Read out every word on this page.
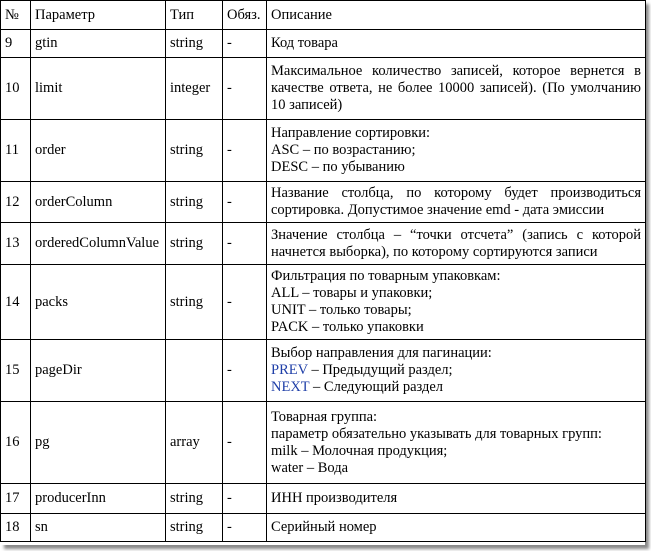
№	Параметр	Тип	Обяз.	Описание
9	gtin	string	-	Код товара
10	limit	integer	-	Максимальное количество записей, которое вернется в качестве ответа, не более 10000 записей). (По умолчанию 10 записей)
11	order	string	-	Направление сортировки:
ASC – по возрастанию;
DESC – по убыванию
12	orderColumn	string	-	Название столбца, по которому будет производиться сортировка. Допустимое значение emd - дата эмиссии
13	orderedColumnValue	string	-	Значение столбца – “точки отсчета” (запись с которой начнется выборка), по которому сортируются записи
14	packs	string	-	Фильтрация по товарным упаковкам:
ALL – товары и упаковки;
UNIT – только товары;
PACK – только упаковки
15	pageDir		-	Выбор направления для пагинации:
PREV – Предыдущий раздел;
NEXT – Следующий раздел
16	pg	array	-	Товарная группа:
параметр обязательно указывать для товарных групп:
milk – Молочная продукция;
water – Вода
17	producerInn	string	-	ИНН производителя
18	sn	string	-	Серийный номер
